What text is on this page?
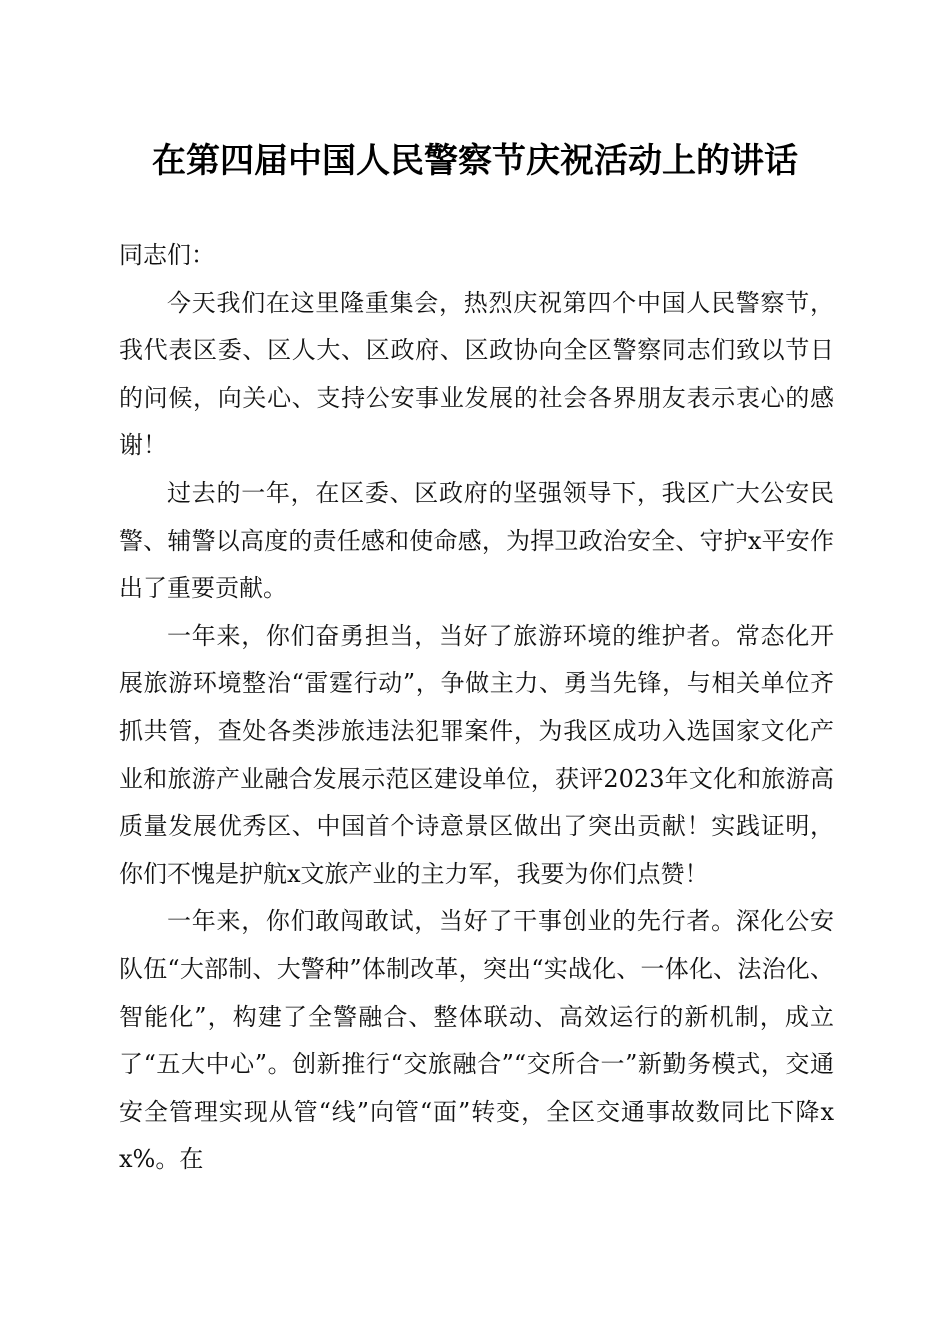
在第四届中国人民警察节庆祝活动上的讲话

同志们：

今天我们在这里隆重集会，热烈庆祝第四个中国人民警察节，我代表区委、区人大、区政府、区政协向全区警察同志们致以节日的问候，向关心、支持公安事业发展的社会各界朋友表示衷心的感谢！

过去的一年，在区委、区政府的坚强领导下，我区广大公安民警、辅警以高度的责任感和使命感，为捍卫政治安全、守护x平安作出了重要贡献。

一年来，你们奋勇担当，当好了旅游环境的维护者。常态化开展旅游环境整治“雷霆行动”，争做主力、勇当先锋，与相关单位齐抓共管，查处各类涉旅违法犯罪案件，为我区成功入选国家文化产业和旅游产业融合发展示范区建设单位，获评2023年文化和旅游高质量发展优秀区、中国首个诗意景区做出了突出贡献！实践证明，你们不愧是护航x文旅产业的主力军，我要为你们点赞！

一年来，你们敢闯敢试，当好了干事创业的先行者。深化公安队伍“大部制、大警种”体制改革，突出“实战化、一体化、法治化、智能化”，构建了全警融合、整体联动、高效运行的新机制，成立了“五大中心”。创新推行“交旅融合”“交所合一”新勤务模式，交通安全管理实现从管“线”向管“面”转变，全区交通事故数同比下降xx%。在
